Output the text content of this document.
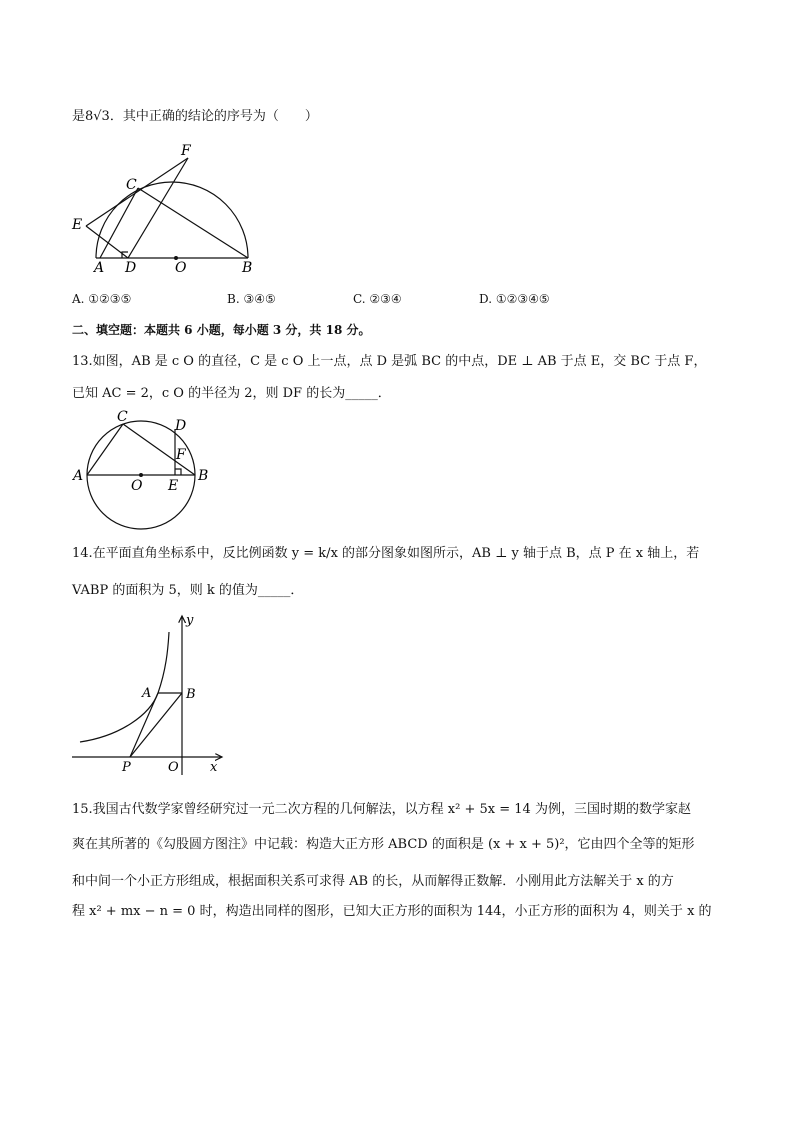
是8√3．其中正确的结论的序号为（　　）
F
C
E
A D	O	B
A. ①②③⑤	B. ③④⑤	C. ②③④	D. ①②③④⑤
二、填空题：本题共 6 小题，每小题 3 分，共 18 分。
13.如图，AB 是 c O 的直径，C 是 c O 上一点，点 D 是弧 BC 的中点，DE ⊥ AB 于点 E，交 BC 于点 F，
已知 AC = 2，c O 的半径为 2，则 DF 的长为_____．
C
D
F
A
O E
B
14.在平面直角坐标系中，反比例函数 y = k/x 的部分图象如图所示，AB ⊥ y 轴于点 B，点 P 在 x 轴上，若
VABP 的面积为 5，则 k 的值为_____．
y
A	B
P	O x
15.我国古代数学家曾经研究过一元二次方程的几何解法，以方程 x² + 5x = 14 为例，三国时期的数学家赵
爽在其所著的《勾股圆方图注》中记载：构造大正方形 ABCD 的面积是 (x + x + 5)²，它由四个全等的矩形
和中间一个小正方形组成，根据面积关系可求得 AB 的长，从而解得正数解．小刚用此方法解关于 x 的方
程 x² + mx − n = 0 时，构造出同样的图形，已知大正方形的面积为 144，小正方形的面积为 4，则关于 x 的
